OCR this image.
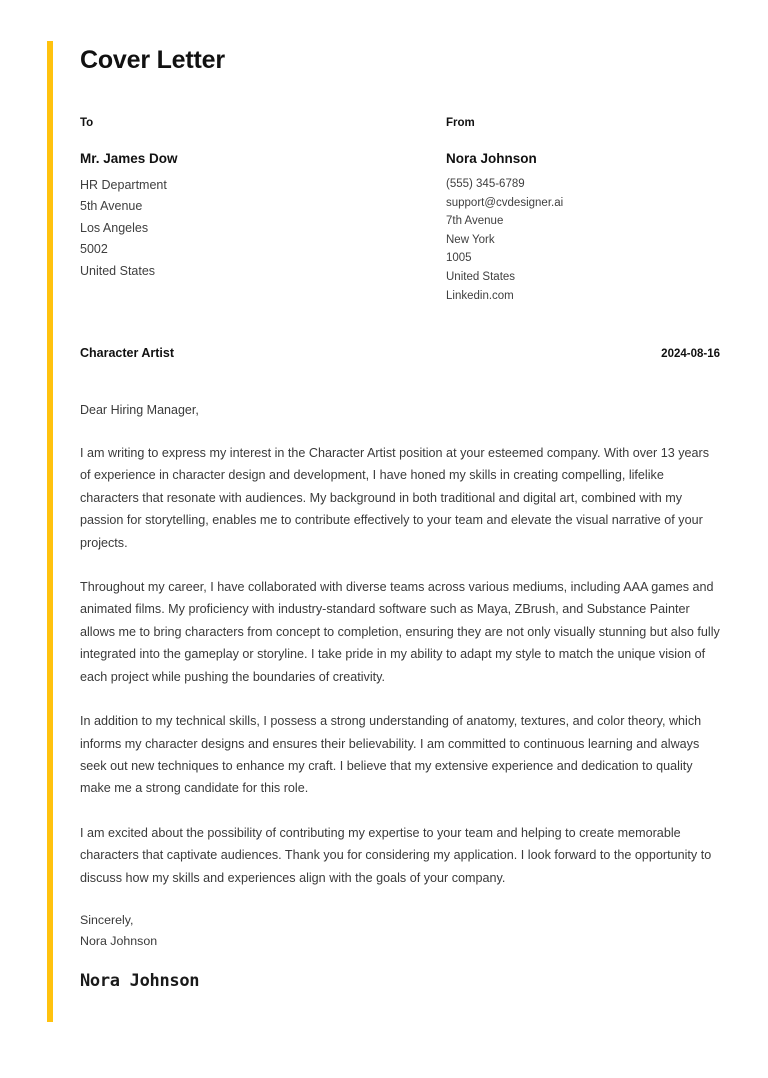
Cover Letter
To
Mr. James Dow
HR Department
5th Avenue
Los Angeles
5002
United States
From
Nora Johnson
(555) 345-6789
support@cvdesigner.ai
7th Avenue
New York
1005
United States
Linkedin.com
Character Artist	2024-08-16

Dear Hiring Manager,

I am writing to express my interest in the Character Artist position at your esteemed company. With over 13 years of experience in character design and development, I have honed my skills in creating compelling, lifelike characters that resonate with audiences. My background in both traditional and digital art, combined with my passion for storytelling, enables me to contribute effectively to your team and elevate the visual narrative of your projects.

Throughout my career, I have collaborated with diverse teams across various mediums, including AAA games and animated films. My proficiency with industry-standard software such as Maya, ZBrush, and Substance Painter allows me to bring characters from concept to completion, ensuring they are not only visually stunning but also fully integrated into the gameplay or storyline. I take pride in my ability to adapt my style to match the unique vision of each project while pushing the boundaries of creativity.

In addition to my technical skills, I possess a strong understanding of anatomy, textures, and color theory, which informs my character designs and ensures their believability. I am committed to continuous learning and always seek out new techniques to enhance my craft. I believe that my extensive experience and dedication to quality make me a strong candidate for this role.

I am excited about the possibility of contributing my expertise to your team and helping to create memorable characters that captivate audiences. Thank you for considering my application. I look forward to the opportunity to discuss how my skills and experiences align with the goals of your company.

Sincerely,

Nora Johnson

Nora Johnson
